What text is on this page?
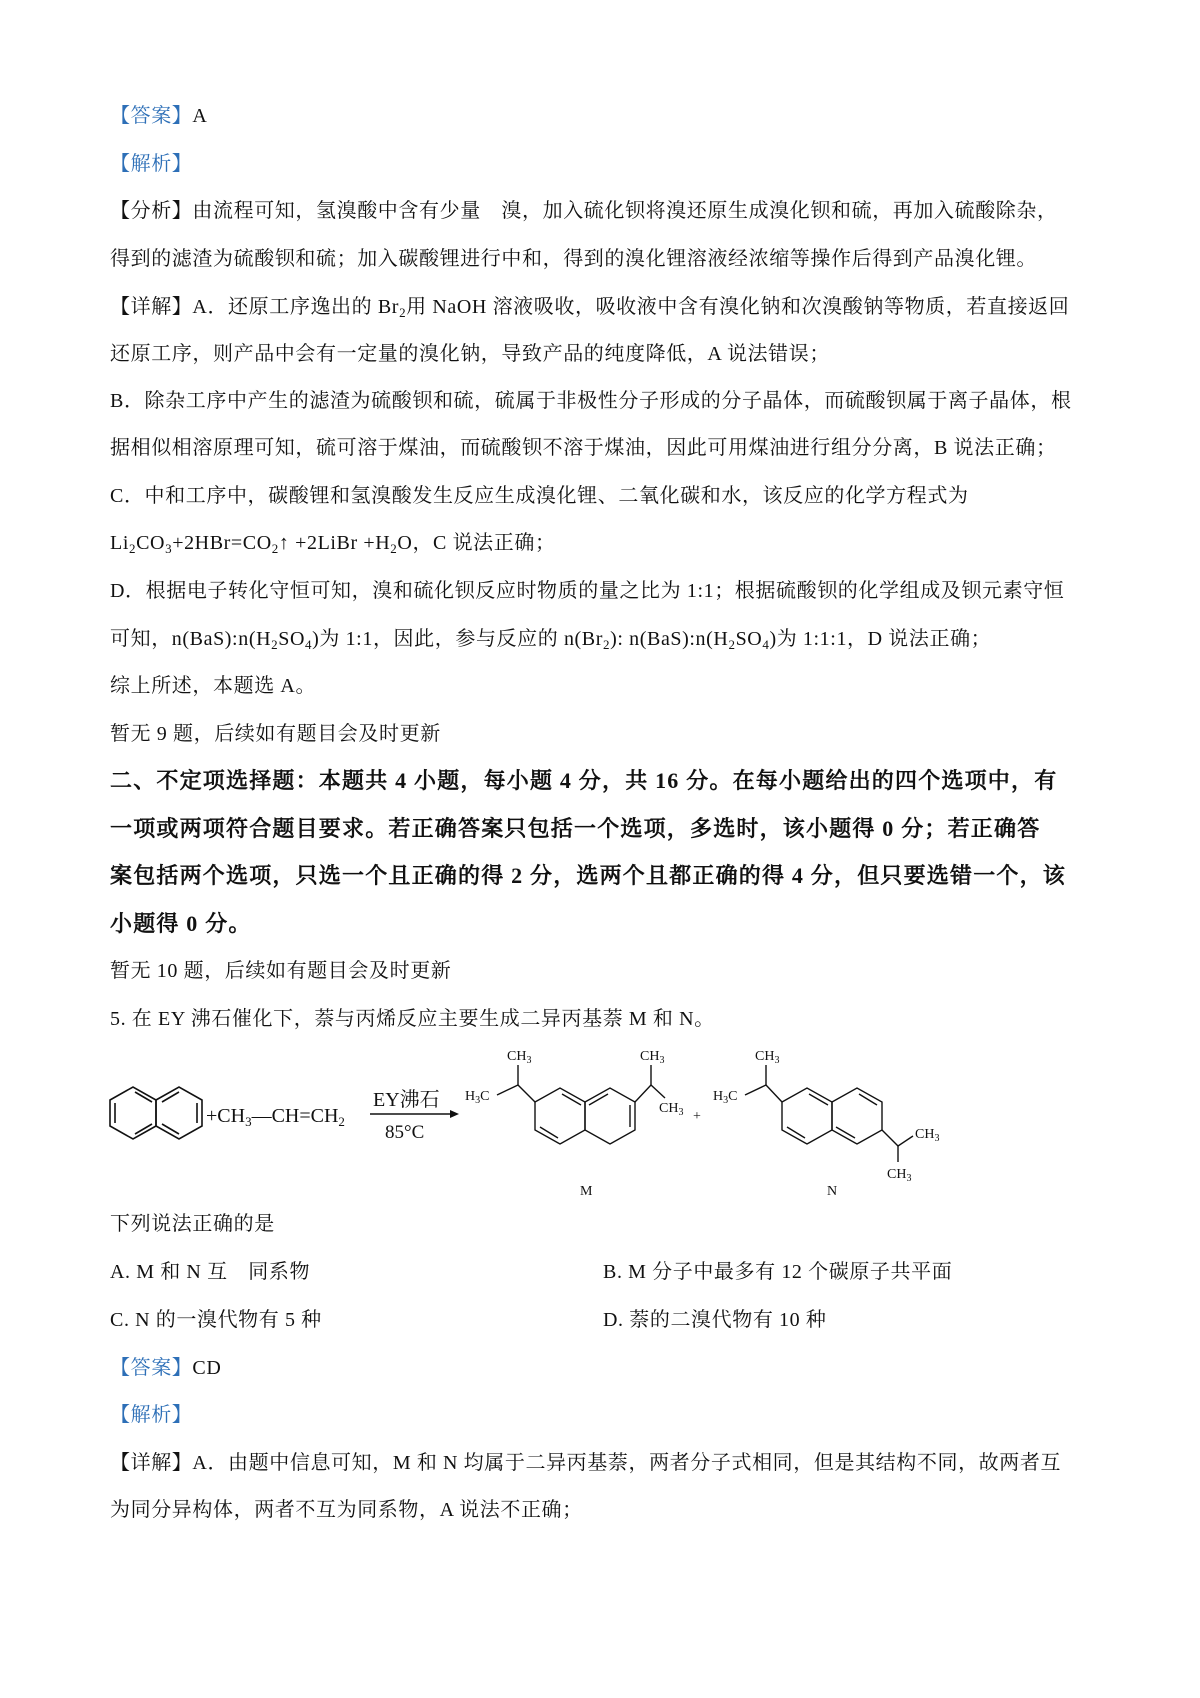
【答案】A
【解析】
【分析】由流程可知，氢溴酸中含有少量　溴，加入硫化钡将溴还原生成溴化钡和硫，再加入硫酸除杂，
得到的滤渣为硫酸钡和硫；加入碳酸锂进行中和，得到的溴化锂溶液经浓缩等操作后得到产品溴化锂。
【详解】A．还原工序逸出的 $Br_2$用 NaOH 溶液吸收，吸收液中含有溴化钠和次溴酸钠等物质，若直接返回
还原工序，则产品中会有一定量的溴化钠，导致产品的纯度降低，A 说法错误；
B．除杂工序中产生的滤渣为硫酸钡和硫，硫属于非极性分子形成的分子晶体，而硫酸钡属于离子晶体，根
据相似相溶原理可知，硫可溶于煤油，而硫酸钡不溶于煤油，因此可用煤油进行组分分离，B 说法正确；
C．中和工序中，碳酸锂和氢溴酸发生反应生成溴化锂、二氧化碳和水，该反应的化学方程式为
$Li_2CO_3+2HBr=CO_2↑$ +2LiBr $+H_2O$，C 说法正确；
D．根据电子转化守恒可知，溴和硫化钡反应时物质的量之比为 1:1；根据硫酸钡的化学组成及钡元素守恒
可知，$n(BaS):n(H_2SO_4)$为 1:1，因此，参与反应的 $n(Br_2)$: $n(BaS):n(H_2SO_4)$为 1:1:1，D 说法正确；
综上所述，本题选 A。
暂无 9 题，后续如有题目会及时更新
二、不定项选择题：本题共 4 小题，每小题 4 分，共 16 分。在每小题给出的四个选项中，有
一项或两项符合题目要求。若正确答案只包括一个选项，多选时，该小题得 0 分；若正确答
案包括两个选项，只选一个且正确的得 2 分，选两个且都正确的得 4 分，但只要选错一个，该
小题得 0 分。
暂无 10 题，后续如有题目会及时更新
5. 在 EY 沸石催化下，萘与丙烯反应主要生成二异丙基萘 M 和 N。
$+CH_3—CH=CH_2$
EY沸石
85°C
$CH_3$
$H_3C$
$CH_3$
$CH_3$
M
+
$CH_3$
$H_3C$
$CH_3$
$CH_3$
N
下列说法正确的是
A. M 和 N 互　同系物	B. M 分子中最多有 12 个碳原子共平面
C. N 的一溴代物有 5 种	D. 萘的二溴代物有 10 种
【答案】CD
【解析】
【详解】A．由题中信息可知，M 和 N 均属于二异丙基萘，两者分子式相同，但是其结构不同，故两者互
为同分异构体，两者不互为同系物，A 说法不正确；
